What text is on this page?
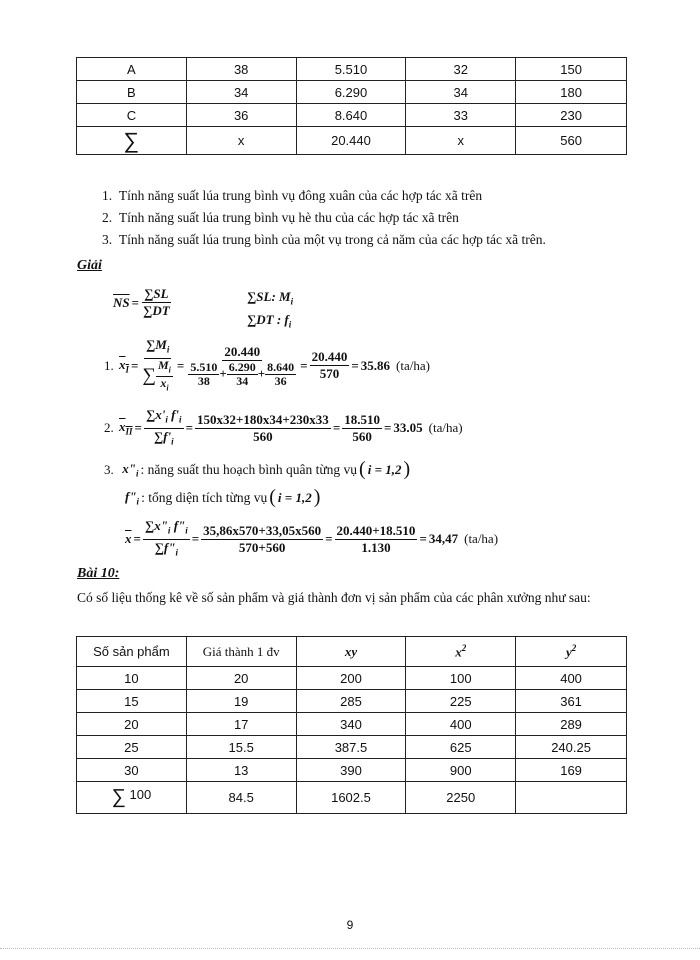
A	38	5.510	32	150
B	34	6.290	34	180
C	36	8.640	33	230
∑	x	20.440	x	560
1.  Tính năng suất lúa trung bình vụ đông xuân của các hợp tác xã trên
2.  Tính năng suất lúa trung bình vụ hè thu của các hợp tác xã trên
3.  Tính năng suất lúa trung bình của một vụ trong cả năm của các hợp tác xã trên.
Giải
$\overline{NS} = \frac{\sum SL}{\sum DT}$	∑SL: $M_i$
∑DT : $f_i$
1.
$x_I = \frac{\sum M_i}{\sum \frac{M_i}{x_i}} = \frac{20.440}{\frac{5.510}{38} + \frac{6.290}{34} + \frac{8.640}{36}} = \frac{20.440}{570} = 35.86$ (ta/ha)
2.
$x_{II} = \frac{\sum x'_i f'_i}{\sum f'_i} = \frac{150x32+180x34+230x33}{560} = \frac{18.510}{560} = 33.05$ (ta/ha)
3.
$x"_i$ : năng suất thu hoạch bình quân từng vụ ( i = 1,2 )
$f"_i$ : tổng diện tích từng vụ ( i = 1,2 )
$\overline{x} = \frac{\sum x"_i f"_i}{\sum f"_i} = \frac{35,86x570+33,05x560}{570+560} = \frac{20.440+18.510}{1.130} = 34,47$ (ta/ha)
Bài 10:
Có số liệu thống kê về số sản phẩm và giá thành đơn vị sản phẩm của các phân xưởng như sau:
Số sản phẩm	Giá thành 1 đv	xy	$x^2$	$y^2$
10	20	200	100	400
15	19	285	225	361
20	17	340	400	289
25	15.5	387.5	625	240.25
30	13	390	900	169
∑ 100	84.5	1602.5	2250	
9
